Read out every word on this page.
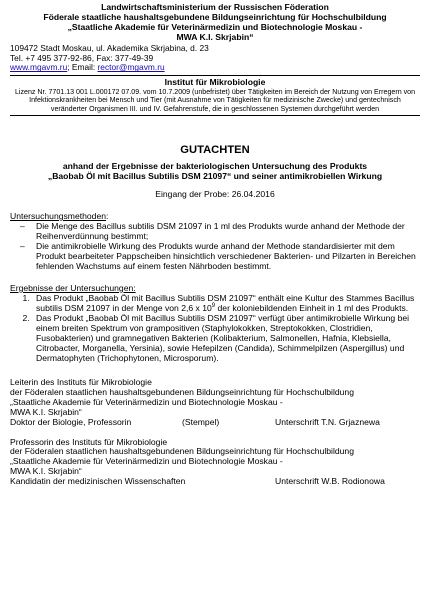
Landwirtschaftsministerium der Russischen Föderation
Föderale staatliche haushaltsgebundene Bildungseinrichtung für Hochschulbildung
„Staatliche Akademie für Veterinärmedizin und Biotechnologie Moskau -
MWA K.I. Skrjabin“
109472 Stadt Moskau, ul. Akademika Skrjabina, d. 23
Tel. +7 495 377-92-86, Fax: 377-49-39
www.mgavm.ru; Email: rector@mgavm.ru
Institut für Mikrobiologie
Lizenz Nr. 7701.13 001 L.000172 07.09. vom 10.7.2009 (unbefristet) über Tätigkeiten im Bereich der Nutzung von Erregern von Infektionskrankheiten bei Mensch und Tier (mit Ausnahme von Tätigkeiten für medizinische Zwecke) und gentechnisch veränderter Organismen III. und IV. Gefahrenstufe, die in geschlossenen Systemen durchgeführt werden
GUTACHTEN
anhand der Ergebnisse der bakteriologischen Untersuchung des Produkts
„Baobab Öl mit Bacillus Subtilis DSM 21097“ und seiner antimikrobiellen Wirkung
Eingang der Probe: 26.04.2016
Untersuchungsmethoden:
– Die Menge des Bacillus subtilis DSM 21097 in 1 ml des Produkts wurde anhand der Methode der Reihenverdünnung bestimmt;
– Die antimikrobielle Wirkung des Produkts wurde anhand der Methode standardisierter mit dem Produkt bearbeiteter Pappscheiben hinsichtlich verschiedener Bakterien- und Pilzarten in Bereichen fehlenden Wachstums auf einem festen Nährboden bestimmt.
Ergebnisse der Untersuchungen:
1. Das Produkt „Baobab Öl mit Bacillus Subtilis DSM 21097“ enthält eine Kultur des Stammes Bacillus subtilis DSM 21097 in der Menge von 2,6 x $10^9$ der koloniebildenden Einheit in 1 ml des Produkts.
2. Das Produkt „Baobab Öl mit Bacillus Subtilis DSM 21097“ verfügt über antimikrobielle Wirkung bei einem breiten Spektrum von grampositiven (Staphylokokken, Streptokokken, Clostridien, Fusobakterien) und gramnegativen Bakterien (Kolibakterium, Salmonellen, Hafnia, Klebsiella, Citrobacter, Morganella, Yersinia), sowie Hefepilzen (Candida), Schimmelpilzen (Aspergillus) und Dermatophyten (Trichophytonen, Microsporum).
Leiterin des Instituts für Mikrobiologie
der Föderalen staatlichen haushaltsgebundenen Bildungseinrichtung für Hochschulbildung
„Staatliche Akademie für Veterinärmedizin und Biotechnologie Moskau -
MWA K.I. Skrjabin“
Doktor der Biologie, Professorin	(Stempel)	Unterschrift T.N. Grjaznewa
Professorin des Instituts für Mikrobiologie
der Föderalen staatlichen haushaltsgebundenen Bildungseinrichtung für Hochschulbildung
„Staatliche Akademie für Veterinärmedizin und Biotechnologie Moskau -
MWA K.I. Skrjabin“
Kandidatin der medizinischen Wissenschaften	Unterschrift W.B. Rodionowa
